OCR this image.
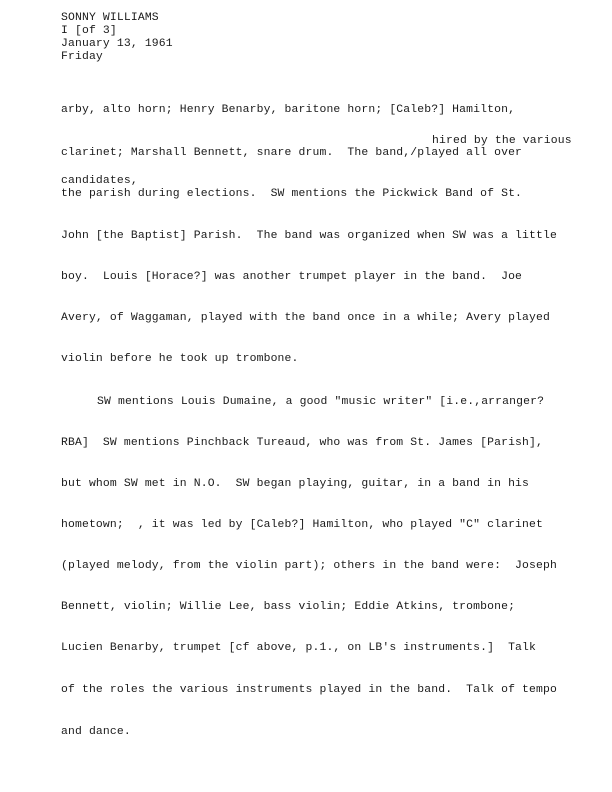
SONNY WILLIAMS
I [of 3]
January 13, 1961
Friday
arby, alto horn; Henry Benarby, baritone horn; [Caleb?] Hamilton,
hired by the various
clarinet; Marshall Bennett, snare drum.  The band,/played all over
candidates,
the parish during elections.  SW mentions the Pickwick Band of St.
John [the Baptist] Parish.  The band was organized when SW was a little
boy.  Louis [Horace?] was another trumpet player in the band.  Joe
Avery, of Waggaman, played with the band once in a while; Avery played
violin before he took up trombone.
SW mentions Louis Dumaine, a good "music writer" [i.e.,arranger?
RBA]  SW mentions Pinchback Tureaud, who was from St. James [Parish],
but whom SW met in N.O.  SW began playing, guitar, in a band in his
hometown;  , it was led by [Caleb?] Hamilton, who played "C" clarinet
(played melody, from the violin part); others in the band were:  Joseph
Bennett, violin; Willie Lee, bass violin; Eddie Atkins, trombone;
Lucien Benarby, trumpet [cf above, p.1., on LB's instruments.]  Talk
of the roles the various instruments played in the band.  Talk of tempo
and dance.
